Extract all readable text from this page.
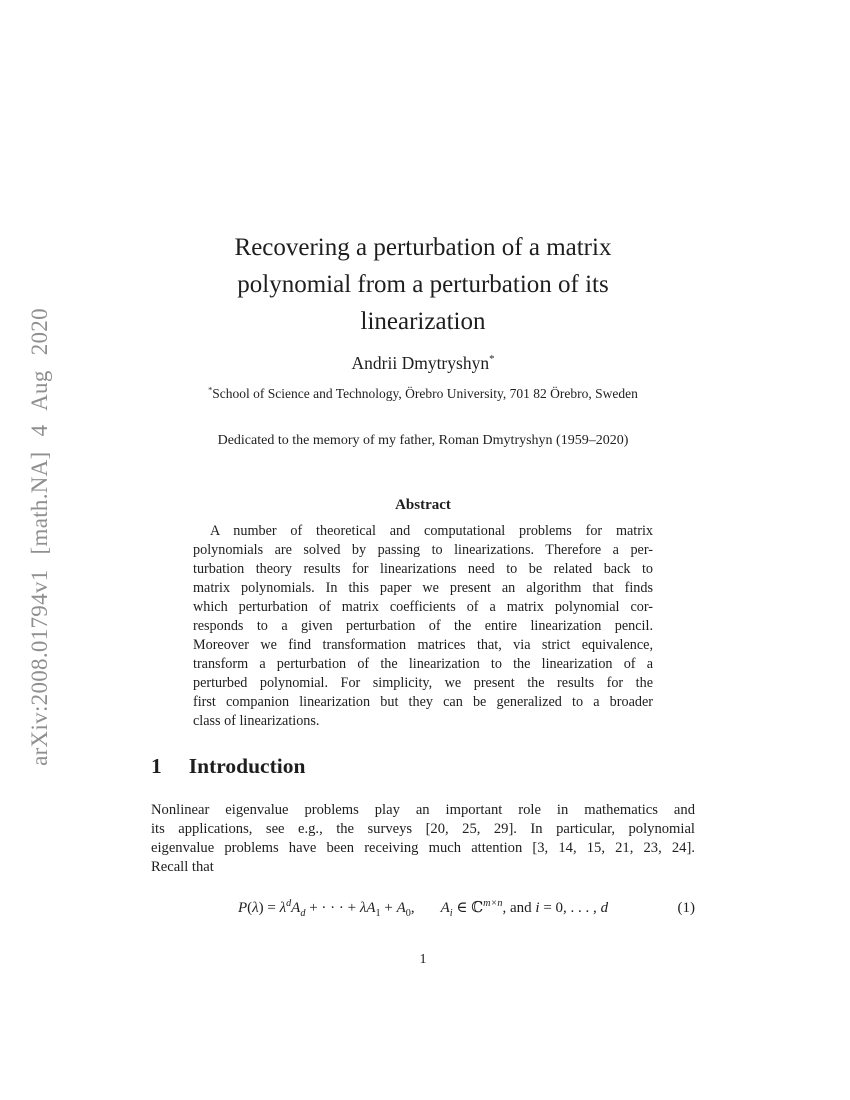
arXiv:2008.01794v1 [math.NA] 4 Aug 2020
Recovering a perturbation of a matrix
polynomial from a perturbation of its
linearization
Andrii Dmytryshyn*
*School of Science and Technology, Örebro University, 701 82 Örebro, Sweden
Dedicated to the memory of my father, Roman Dmytryshyn (1959–2020)
Abstract
A number of theoretical and computational problems for matrix
polynomials are solved by passing to linearizations. Therefore a per-
turbation theory results for linearizations need to be related back to
matrix polynomials. In this paper we present an algorithm that finds
which perturbation of matrix coefficients of a matrix polynomial cor-
responds to a given perturbation of the entire linearization pencil.
Moreover we find transformation matrices that, via strict equivalence,
transform a perturbation of the linearization to the linearization of a
perturbed polynomial. For simplicity, we present the results for the
first companion linearization but they can be generalized to a broader
class of linearizations.
1 Introduction
Nonlinear eigenvalue problems play an important role in mathematics and
its applications, see e.g., the surveys [20, 25, 29]. In particular, polynomial
eigenvalue problems have been receiving much attention [3, 14, 15, 21, 23, 24].
Recall that
$P(\lambda) = \lambda^dA_d$ + · · · + $\lambda A_1 + A_0$, $A_i$ ∈ ℂ$^{m\times n}$, and i = 0, . . . , d	(1)
1
